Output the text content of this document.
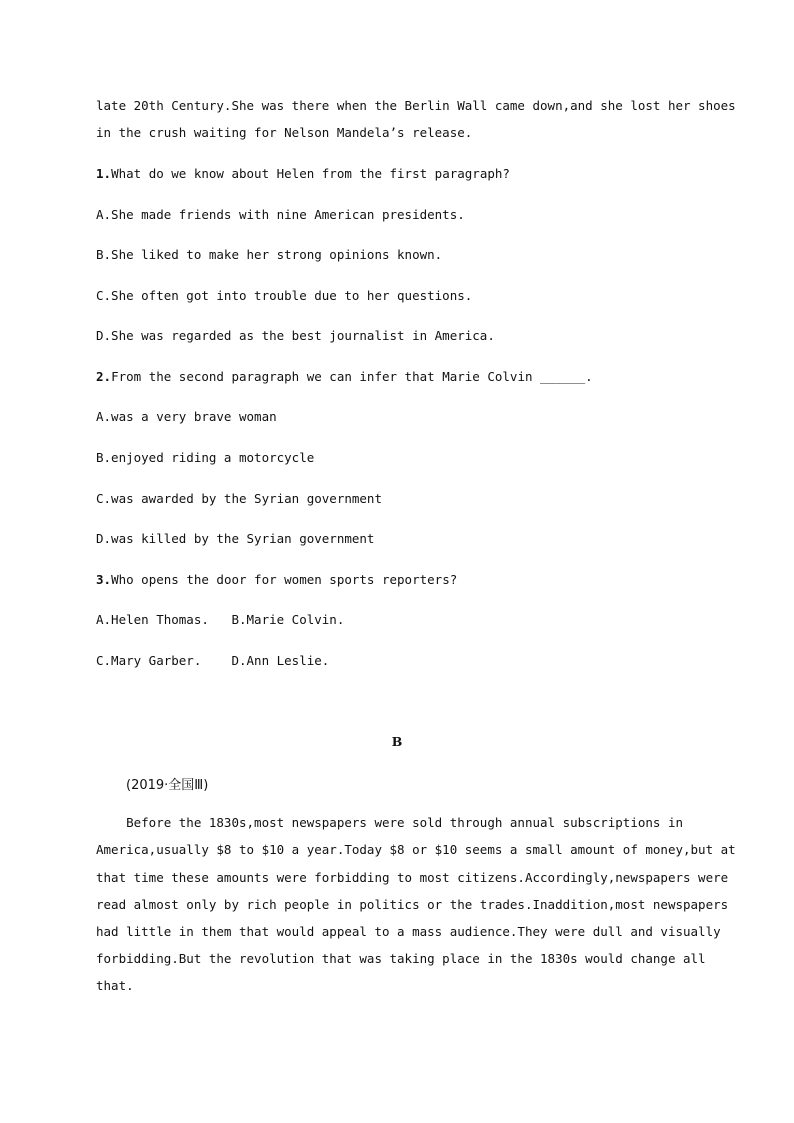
late 20th Century.She was there when the Berlin Wall came down,and she lost her shoes
in the crush waiting for Nelson Mandela’s release.
1.What do we know about Helen from the first paragraph?
A.She made friends with nine American presidents.
B.She liked to make her strong opinions known.
C.She often got into trouble due to her questions.
D.She was regarded as the best journalist in America.
2.From the second paragraph we can infer that Marie Colvin ______.
A.was a very brave woman
B.enjoyed riding a motorcycle
C.was awarded by the Syrian government
D.was killed by the Syrian government
3.Who opens the door for women sports reporters?
A.Helen Thomas.   B.Marie Colvin.
C.Mary Garber.    D.Ann Leslie.
B
(2019·全国Ⅲ)
Before the 1830s,most newspapers were sold through annual subscriptions in
America,usually $8 to $10 a year.Today $8 or $10 seems a small amount of money,but at
that time these amounts were forbidding to most citizens.Accordingly,newspapers were
read almost only by rich people in politics or the trades.Inaddition,most newspapers
had little in them that would appeal to a mass audience.They were dull and visually
forbidding.But the revolution that was taking place in the 1830s would change all
that.
